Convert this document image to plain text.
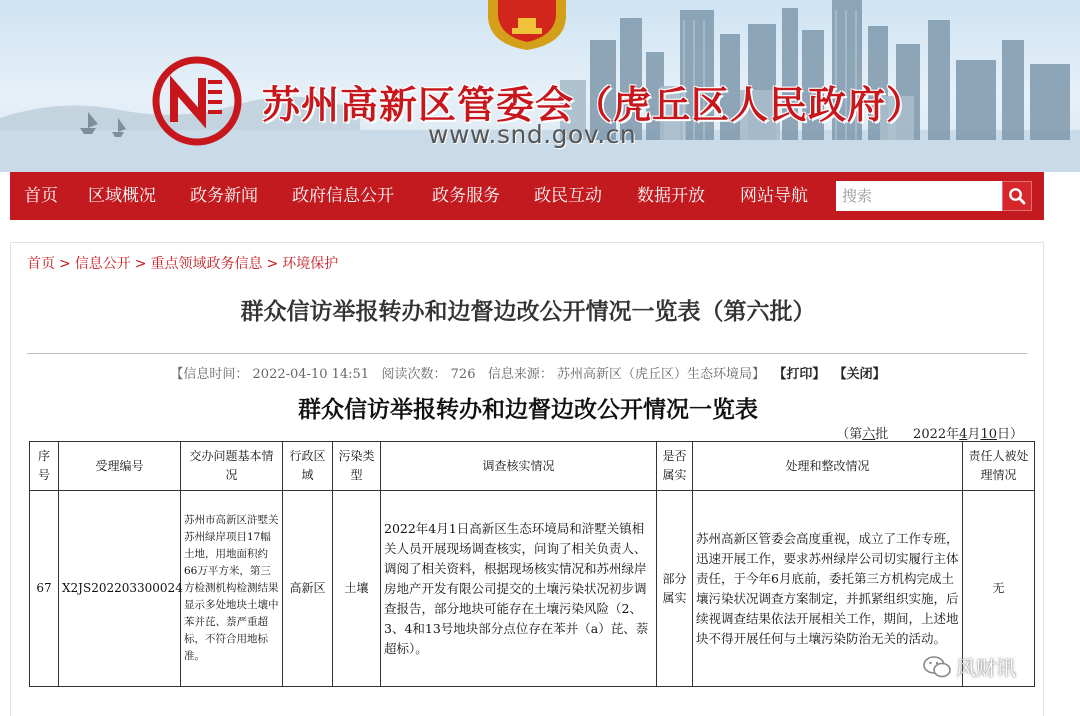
苏州高新区管委会（虎丘区人民政府）
www.snd.gov.cn
首页 区域概况 政务新闻 政府信息公开 政务服务 政民互动 数据开放 网站导航
搜索
首页 > 信息公开 > 重点领域政务信息 > 环境保护
群众信访举报转办和边督边改公开情况一览表（第六批）
【信息时间： 2022-04-10 14:51 阅读次数： 726 信息来源： 苏州高新区（虎丘区）生态环境局】 【打印】 【关闭】
群众信访举报转办和边督边改公开情况一览表
（第六批 2022年4月10日）
序号	受理编号	交办问题基本情况	行政区域	污染类型	调查核实情况	是否属实	处理和整改情况	责任人被处理情况
67	X2JS202203300024	苏州市高新区浒墅关苏州绿岸项目17幅土地，用地面积约66万平方米，第三方检测机构检测结果显示多处地块土壤中苯并芘、萘严重超标，不符合用地标准。	高新区	土壤	2022年4月1日高新区生态环境局和浒墅关镇相关人员开展现场调查核实，问询了相关负责人、调阅了相关资料，根据现场核实情况和苏州绿岸房地产开发有限公司提交的土壤污染状况初步调查报告，部分地块可能存在土壤污染风险（2、3、4和13号地块部分点位存在苯并（a）芘、萘超标）。	部分属实	苏州高新区管委会高度重视，成立了工作专班，迅速开展工作，要求苏州绿岸公司切实履行主体责任，于今年6月底前，委托第三方机构完成土壤污染状况调查方案制定，并抓紧组织实施，后续视调查结果依法开展相关工作，期间，上述地块不得开展任何与土壤污染防治无关的活动。	无
风财讯
